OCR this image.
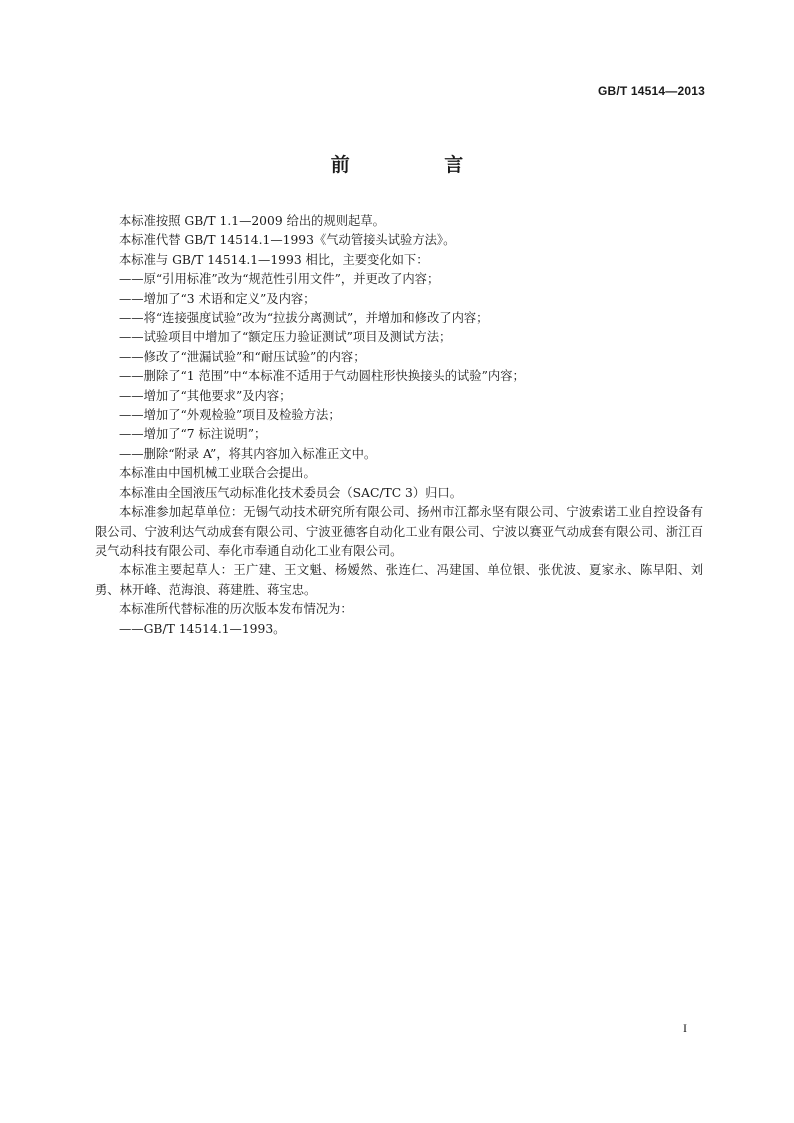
GB/T 14514—2013
前 言

本标准按照 GB/T 1.1—2009 给出的规则起草。

本标准代替 GB/T 14514.1—1993《气动管接头试验方法》。

本标准与 GB/T 14514.1—1993 相比，主要变化如下：

——原“引用标准”改为“规范性引用文件”，并更改了内容；

——增加了“3 术语和定义”及内容；

——将“连接强度试验”改为“拉拔分离测试”，并增加和修改了内容；

——试验项目中增加了“额定压力验证测试”项目及测试方法；

——修改了“泄漏试验”和“耐压试验”的内容；

——删除了“1 范围”中“本标准不适用于气动圆柱形快换接头的试验”内容；

——增加了“其他要求”及内容；

——增加了“外观检验”项目及检验方法；

——增加了“7 标注说明”；

——删除“附录 A”，将其内容加入标准正文中。

本标准由中国机械工业联合会提出。

本标准由全国液压气动标准化技术委员会（SAC/TC 3）归口。

本标准参加起草单位：无锡气动技术研究所有限公司、扬州市江都永坚有限公司、宁波索诺工业自控设备有限公司、宁波利达气动成套有限公司、宁波亚德客自动化工业有限公司、宁波以赛亚气动成套有限公司、浙江百灵气动科技有限公司、奉化市奉通自动化工业有限公司。

本标准主要起草人：王广建、王文魁、杨嫒然、张连仁、冯建国、单位银、张优波、夏家永、陈早阳、刘勇、林开峰、范海浪、蒋建胜、蒋宝忠。

本标准所代替标准的历次版本发布情况为：

——GB/T 14514.1—1993。

I
